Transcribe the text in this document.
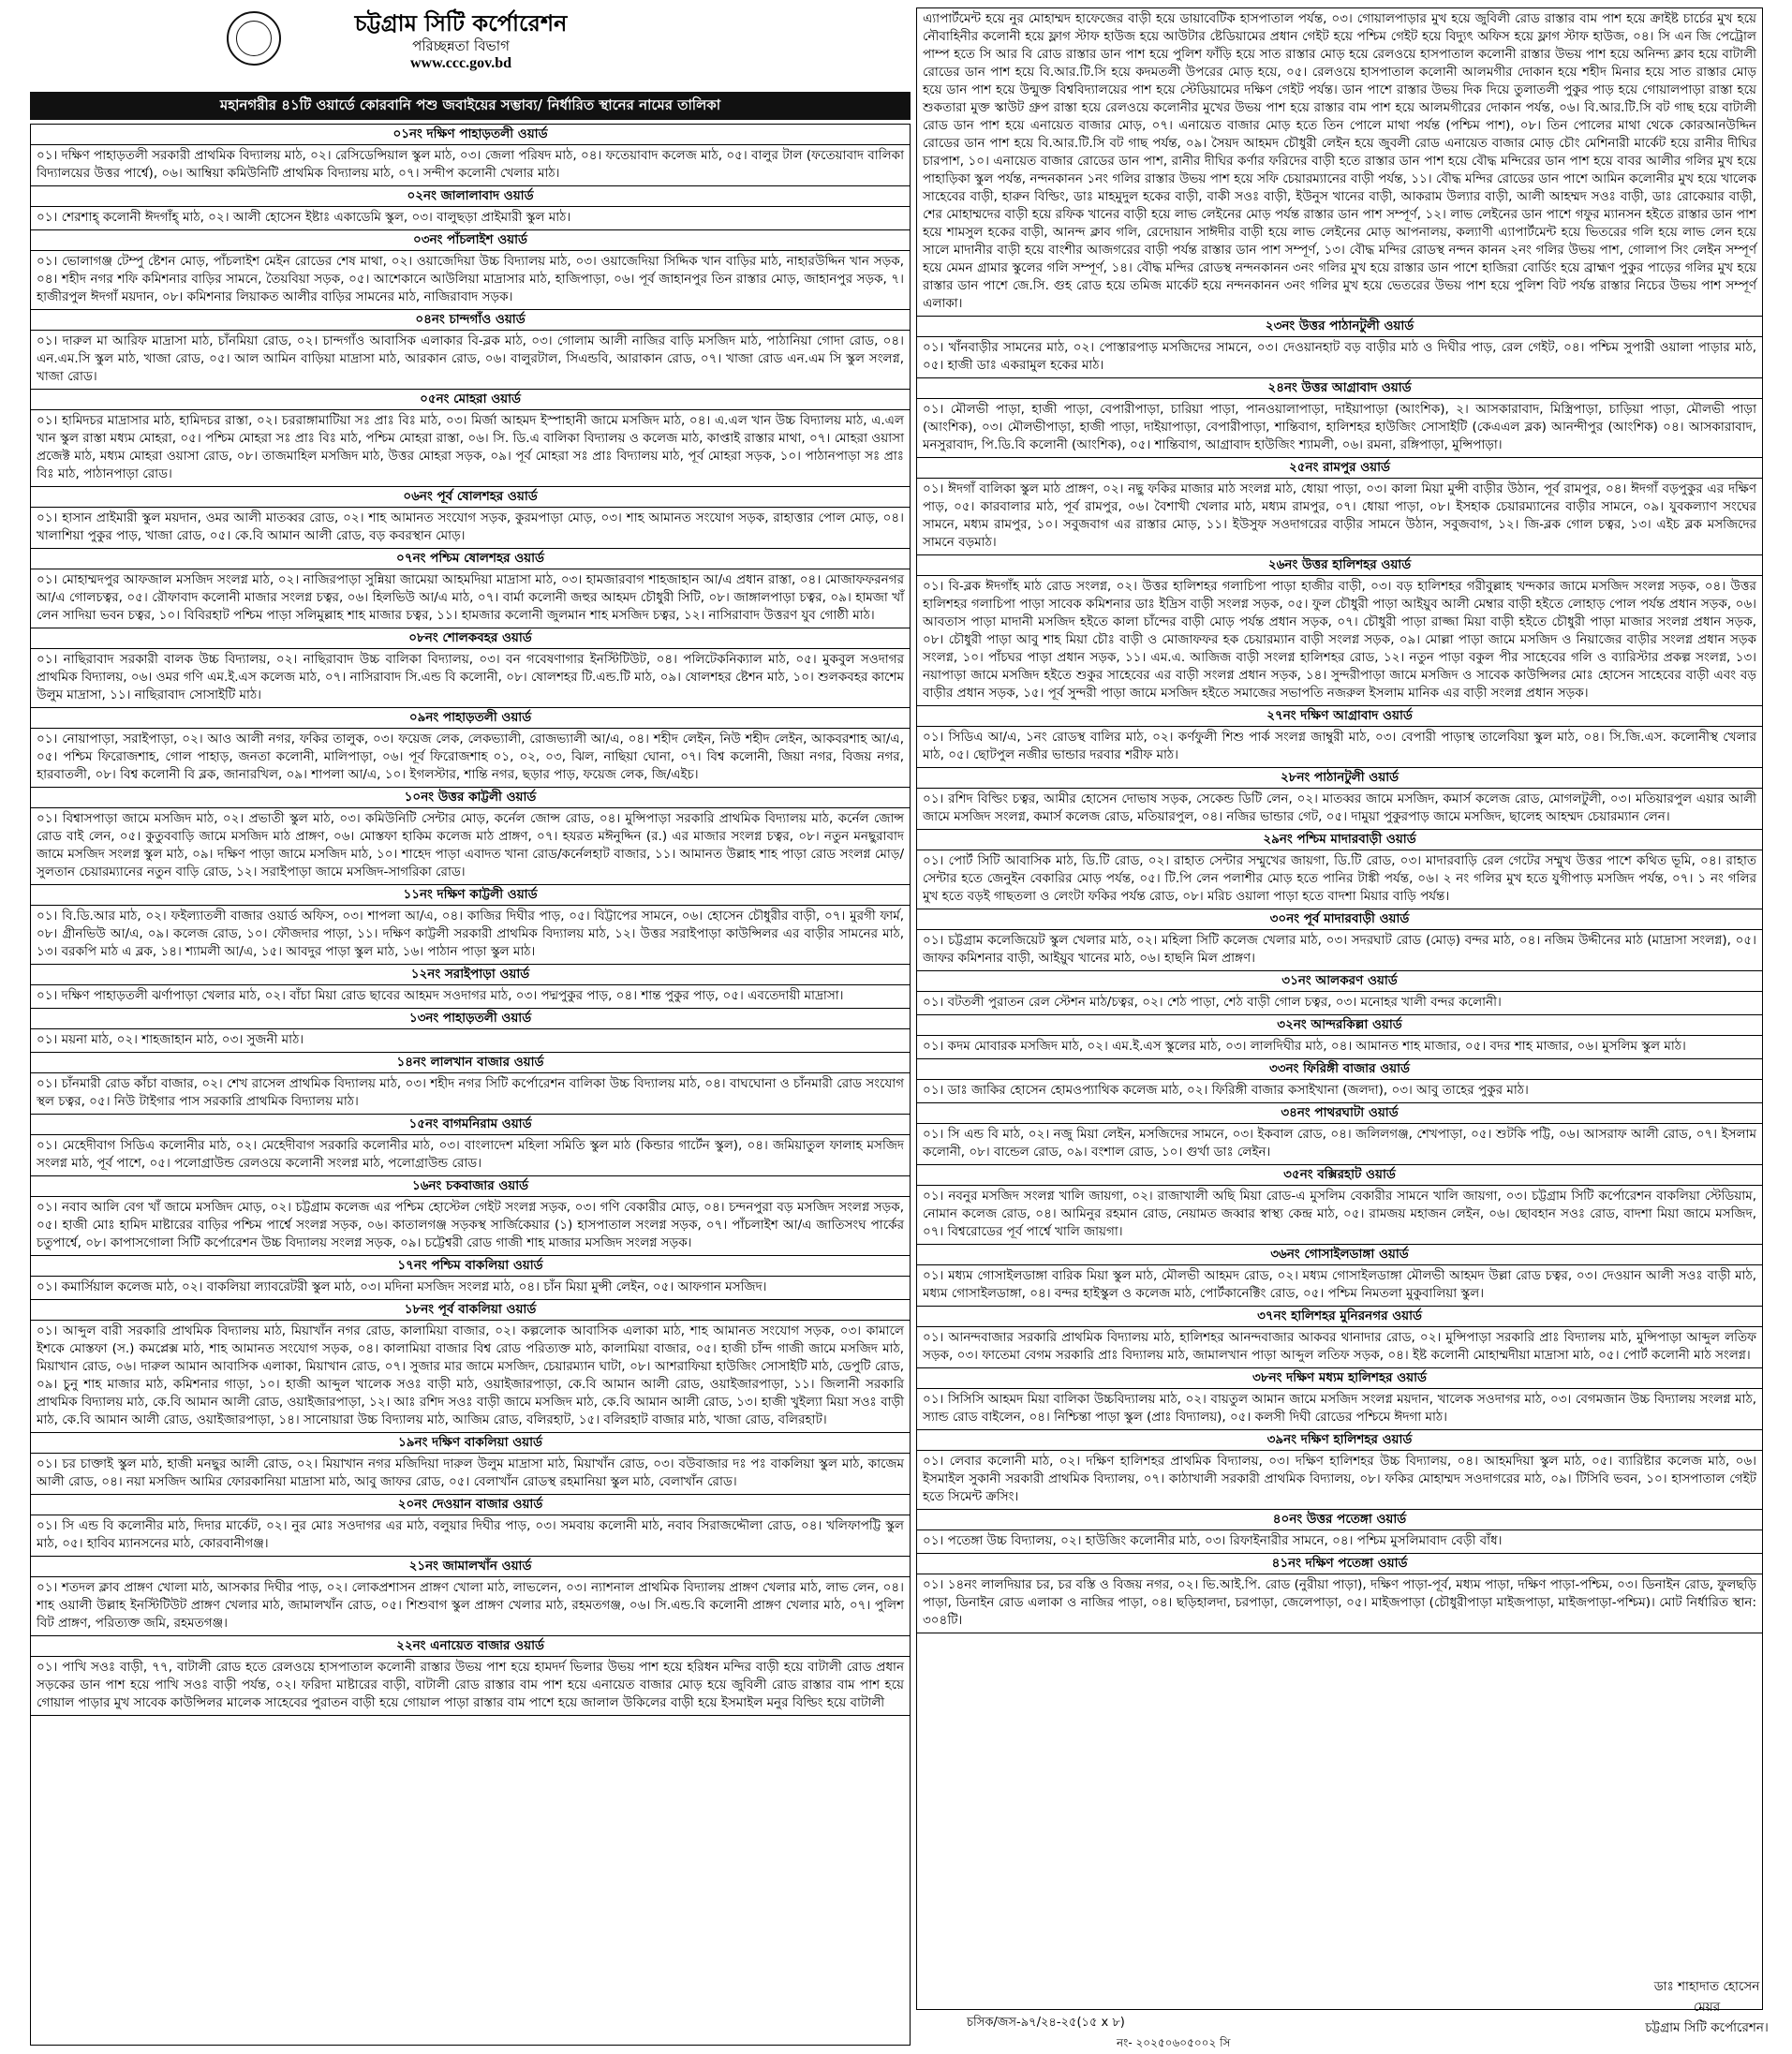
চট্টগ্রাম সিটি কর্পোরেশন
পরিচ্ছন্নতা বিভাগ
www.ccc.gov.bd
মহানগরীর ৪১টি ওয়ার্ডে কোরবানি পশু জবাইয়ের সম্ভাব্য/ নির্ধারিত স্থানের নামের তালিকা
০১নং দক্ষিণ পাহাড়তলী ওয়ার্ড
০১। দক্ষিণ পাহাড়তলী সরকারী প্রাথমিক বিদ্যালয় মাঠ, ০২। রেসিডেন্সিয়াল স্কুল মাঠ, ০৩। জেলা পরিষদ মাঠ, ০৪। ফতেয়াবাদ কলেজ মাঠ, ০৫। বালুর টাল (ফতেয়াবাদ বালিকা বিদ্যালয়ের উত্তর পার্শ্বে), ০৬। আম্বিয়া কমিউনিটি প্রাথমিক বিদ্যালয় মাঠ, ০৭। সন্দীপ কলোনী খেলার মাঠ।
০২নং জালালাবাদ ওয়ার্ড
০১। শেরশাহ্ কলোনী ঈদগাঁহ্ মাঠ, ০২। আলী হোসেন ইষ্টাঃ একাডেমি স্কুল, ০৩। বালুছড়া প্রাইমারী স্কুল মাঠ।
০৩নং পাঁচলাইশ ওয়ার্ড
০১। ভোলাগঞ্জ টেম্পু ষ্টেশন মোড়, পাঁচলাইশ মেইন রোডের শেষ মাথা, ০২। ওয়াজেদিয়া উচ্চ বিদ্যালয় মাঠ, ০৩। ওয়াজেদিয়া সিদ্দিক খান বাড়ির মাঠ, নাহারউদ্দিন খান সড়ক, ০৪। শহীদ নগর শফি কমিশনার বাড়ির সামনে, তৈয়বিয়া সড়ক, ০৫। আশেকানে আউলিয়া মাদ্রাসার মাঠ, হাজিপাড়া, ০৬। পূর্ব জাহানপুর তিন রাস্তার মোড়, জাহানপুর সড়ক, ৭। হাজীরপুল ঈদগাঁ ময়দান, ০৮। কমিশনার লিয়াকত আলীর বাড়ির সামনের মাঠ, নাজিরাবাদ সড়ক।
০৪নং চান্দগাঁও ওয়ার্ড
০১। দারুল মা আরিফ মাদ্রাসা মাঠ, চাঁনমিয়া রোড, ০২। চান্দগাঁও আবাসিক এলাকার বি-ব্লক মাঠ, ০৩। গোলাম আলী নাজির বাড়ি মসজিদ মাঠ, পাঠানিয়া গোদা রোড, ০৪। এন.এম.সি স্কুল মাঠ, খাজা রোড, ০৫। আল আমিন বাড়িয়া মাদ্রাসা মাঠ, আরকান রোড, ০৬। বালুরটাল, সিএন্ডবি, আরাকান রোড, ০৭। খাজা রোড এন.এম সি স্কুল সংলগ্ন, খাজা রোড।
০৫নং মোহরা ওয়ার্ড
০১। হামিদচর মাদ্রাসার মাঠ, হামিদচর রাস্তা, ০২। চররাঙ্গামাটিয়া সঃ প্রাঃ বিঃ মাঠ, ০৩। মির্জা আহমদ ইস্পাহানী জামে মসজিদ মাঠ, ০৪। এ.এল খান উচ্চ বিদ্যালয় মাঠ, এ.এল খান স্কুল রাস্তা মধ্যম মোহরা, ০৫। পশ্চিম মোহরা সঃ প্রাঃ বিঃ মাঠ, পশ্চিম মোহরা রাস্তা, ০৬। সি. ডি.এ বালিকা বিদ্যালয় ও কলেজ মাঠ, কাপ্তাই রাস্তার মাথা, ০৭। মোহরা ওয়াসা প্রজেক্ট মাঠ, মধ্যম মোহরা ওয়াসা রোড, ০৮। তাজমাহিল মসজিদ মাঠ, উত্তর মোহরা সড়ক, ০৯। পূর্ব মোহরা সঃ প্রাঃ বিদ্যালয় মাঠ, পূর্ব মোহরা সড়ক, ১০। পাঠানপাড়া সঃ প্রাঃ বিঃ মাঠ, পাঠানপাড়া রোড।
০৬নং পূর্ব ষোলশহর ওয়ার্ড
০১। হাসান প্রাইমারী স্কুল ময়দান, ওমর আলী মাতব্বর রোড, ০২। শাহ আমানত সংযোগ সড়ক, কুরমপাড়া মোড়, ০৩। শাহ আমানত সংযোগ সড়ক, রাহাত্তার পোল মোড়, ০৪। খালাশিয়া পুকুর পাড়, খাজা রোড, ০৫। কে.বি আমান আলী রোড, বড় কবরস্থান মোড়।
০৭নং পশ্চিম ষোলশহর ওয়ার্ড
০১। মোহাম্মদপুর আফজাল মসজিদ সংলগ্ন মাঠ, ০২। নাজিরপাড়া সুন্নিয়া জামেয়া আহমদিয়া মাদ্রাসা মাঠ, ০৩। হামজারবাগ শাহজাহান আ/এ প্রধান রাস্তা, ০৪। মোজাফফরনগর আ/এ গোলচত্বর, ০৫। রৌফাবাদ কলোনী মাজার সংলগ্ন চত্বর, ০৬। হিলভিউ আ/এ মাঠ, ০৭। বার্মা কলোনী জহুর আহমদ চৌধুরী সিটি, ০৮। জাঙ্গালপাড়া চত্বর, ০৯। হামজা খাঁ লেন সাদিয়া ভবন চত্বর, ১০। বিবিরহাট পশ্চিম পাড়া সলিমুল্লাহ শাহ মাজার চত্বর, ১১। হামজার কলোনী জুলমান শাহ মসজিদ চত্বর, ১২। নাসিরাবাদ উত্তরণ যুব গোষ্ঠী মাঠ।
০৮নং শোলকবহর ওয়ার্ড
০১। নাছিরাবাদ সরকারী বালক উচ্চ বিদ্যালয়, ০২। নাছিরাবাদ উচ্চ বালিকা বিদ্যালয়, ০৩। বন গবেষণাগার ইনস্টিটিউট, ০৪। পলিটেকনিক্যাল মাঠ, ০৫। মুকবুল সওদাগর প্রাথমিক বিদ্যালয়, ০৬। ওমর গণি এম.ই.এস কলেজ মাঠ, ০৭। নাসিরাবাদ সি.এন্ড বি কলোনী, ০৮। ষোলশহর টি.এন্ড.টি মাঠ, ০৯। ষোলশহর ষ্টেশন মাঠ, ১০। শুলকবহর কাশেম উলুম মাদ্রাসা, ১১। নাছিরাবাদ সোসাইটি মাঠ।
০৯নং পাহাড়তলী ওয়ার্ড
০১। নোয়াপাড়া, সরাইপাড়া, ০২। আও আলী নগর, ফকির তালুক, ০৩। ফয়েজ লেক, লেকভ্যালী, রোজভ্যালী আ/এ, ০৪। শহীদ লেইন, নিউ শহীদ লেইন, আকবরশাহ আ/এ, ০৫। পশ্চিম ফিরোজশাহ, গোল পাহাড়, জনতা কলোনী, মালিপাড়া, ০৬। পূর্ব ফিরোজশাহ ০১, ০২, ০৩, ঝিল, নাছিয়া ঘোনা, ০৭। বিশ্ব কলোনী, জিয়া নগর, বিজয় নগর, হারবাতলী, ০৮। বিশ্ব কলোনী বি ব্লক, জানারখিল, ০৯। শাপলা আ/এ, ১০। ইগলস্টার, শান্তি নগর, ছড়ার পাড়, ফয়েজ লেক, জি/এইচ।
১০নং উত্তর কাট্টলী ওয়ার্ড
০১। বিশ্বাসপাড়া জামে মসজিদ মাঠ, ০২। প্রভাতী স্কুল মাঠ, ০৩। কমিউনিটি সেন্টার মোড়, কর্নেল জোন্স রোড, ০৪। মুন্সিপাড়া সরকারি প্রাথমিক বিদ্যালয় মাঠ, কর্নেল জোন্স রোড বাই লেন, ০৫। কুতুববাড়ি জামে মসজিদ মাঠ প্রাঙ্গণ, ০৬। মোস্তফা হাকিম কলেজ মাঠ প্রাঙ্গণ, ০৭। হযরত মঈনুদ্দিন (র.) এর মাজার সংলগ্ন চত্বর, ০৮। নতুন মনছুরাবাদ জামে মসজিদ সংলগ্ন স্কুল মাঠ, ০৯। দক্ষিণ পাড়া জামে মসজিদ মাঠ, ১০। শাহেদ পাড়া এবাদত খানা রোড/কর্নেলহাট বাজার, ১১। আমানত উল্লাহ শাহ পাড়া রোড সংলগ্ন মোড়/সুলতান চেয়ারম্যানের নতুন বাড়ি রোড, ১২। সরাইপাড়া জামে মসজিদ-সাগরিকা রোড।
১১নং দক্ষিণ কাট্টলী ওয়ার্ড
০১। বি.ডি.আর মাঠ, ০২। ফইল্যাতলী বাজার ওয়ার্ড অফিস, ০৩। শাপলা আ/এ, ০৪। কাজির দিঘীর পাড়, ০৫। বিট্টাপের সামনে, ০৬। হোসেন চৌধুরীর বাড়ী, ০৭। মুরগী ফার্ম, ০৮। গ্রীনভিউ আ/এ, ০৯। কলেজ রোড, ১০। ফৌজদার পাড়া, ১১। দক্ষিণ কাট্টলী সরকারী প্রাথমিক বিদ্যালয় মাঠ, ১২। উত্তর সরাইপাড়া কাউন্সিলর এর বাড়ীর সামনের মাঠ, ১৩। বরকপি মাঠ এ ব্লক, ১৪। শ্যামলী আ/এ, ১৫। আবদুর পাড়া স্কুল মাঠ, ১৬। পাঠান পাড়া স্কুল মাঠ।
১২নং সরাইপাড়া ওয়ার্ড
০১। দক্ষিণ পাহাড়তলী ঝর্ণাপাড়া খেলার মাঠ, ০২। বাঁচা মিয়া রোড ছাবের আহমদ সওদাগর মাঠ, ০৩। পদ্মপুকুর পাড়, ০৪। শান্ত পুকুর পাড়, ০৫। এবতেদায়ী মাদ্রাসা।
১৩নং পাহাড়তলী ওয়ার্ড
০১। ময়না মাঠ, ০২। শাহজাহান মাঠ, ০৩। সুজনী মাঠ।
১৪নং লালখান বাজার ওয়ার্ড
০১। চাঁনমারী রোড কাঁচা বাজার, ০২। শেখ রাসেল প্রাথমিক বিদ্যালয় মাঠ, ০৩। শহীদ নগর সিটি কর্পোরেশন বালিকা উচ্চ বিদ্যালয় মাঠ, ০৪। বাঘঘোনা ও চাঁনমারী রোড সংযোগ স্থল চত্বর, ০৫। নিউ টাইগার পাস সরকারি প্রাথমিক বিদ্যালয় মাঠ।
১৫নং বাগমনিরাম ওয়ার্ড
০১। মেহেদীবাগ সিডিএ কলোনীর মাঠ, ০২। মেহেদীবাগ সরকারি কলোনীর মাঠ, ০৩। বাংলাদেশ মহিলা সমিতি স্কুল মাঠ (কিন্ডার গার্টেন স্কুল), ০৪। জমিয়াতুল ফালাহ মসজিদ সংলগ্ন মাঠ, পূর্ব পাশে, ০৫। পলোগ্রাউন্ড রেলওয়ে কলোনী সংলগ্ন মাঠ, পলোগ্রাউন্ড রোড।
১৬নং চকবাজার ওয়ার্ড
০১। নবাব আলি বেগ খাঁ জামে মসজিদ মোড়, ০২। চট্টগ্রাম কলেজ এর পশ্চিম হোস্টেল গেইট সংলগ্ন সড়ক, ০৩। গণি বেকারীর মোড়, ০৪। চন্দনপুরা বড় মসজিদ সংলগ্ন সড়ক, ০৫। হাজী মোঃ হামিদ মাষ্টারের বাড়ির পশ্চিম পার্শ্বে সংলগ্ন সড়ক, ০৬। কাতালগঞ্জ সড়কস্থ সার্জিকেয়ার (১) হাসপাতাল সংলগ্ন সড়ক, ০৭। পাঁচলাইশ আ/এ জাতিসংঘ পার্কের চতুপার্শ্বে, ০৮। কাপাসগোলা সিটি কর্পোরেশন উচ্চ বিদ্যালয় সংলগ্ন সড়ক, ০৯। চট্টেশ্বরী রোড গাজী শাহ মাজার মসজিদ সংলগ্ন সড়ক।
১৭নং পশ্চিম বাকলিয়া ওয়ার্ড
০১। কমার্সিয়াল কলেজ মাঠ, ০২। বাকলিয়া ল্যাবরেটরী স্কুল মাঠ, ০৩। মদিনা মসজিদ সংলগ্ন মাঠ, ০৪। চাঁন মিয়া মুন্সী লেইন, ০৫। আফগান মসজিদ।
১৮নং পূর্ব বাকলিয়া ওয়ার্ড
০১। আব্দুল বারী সরকারি প্রাথমিক বিদ্যালয় মাঠ, মিয়াখাঁন নগর রোড, কালামিয়া বাজার, ০২। কল্পলোক আবাসিক এলাকা মাঠ, শাহ আমানত সংযোগ সড়ক, ০৩। কামালে ইশকে মোস্তফা (স.) কমপ্লেক্স মাঠ, শাহ আমানত সংযোগ সড়ক, ০৪। কালামিয়া বাজার বিশ্ব রোড পরিত্যক্ত মাঠ, কালামিয়া বাজার, ০৫। হাজী চাঁন্দ গাজী জামে মসজিদ মাঠ, মিয়াখান রোড, ০৬। দারুল আমান আবাসিক এলাকা, মিয়াখান রোড, ০৭। সুজার মার জামে মসজিদ, চেয়ারম্যান ঘাটা, ০৮। আশরাফিয়া হাউজিং সোসাইটি মাঠ, ডেপুটি রোড, ০৯। চুনু শাহ মাজার মাঠ, কমিশনার গাড়া, ১০। হাজী আব্দুল খালেক সওঃ বাড়ী মাঠ, ওয়াইজারপাড়া, কে.বি আমান আলী রোড, ওয়াইজারপাড়া, ১১। জিলানী সরকারি প্রাথমিক বিদ্যালয় মাঠ, কে.বি আমান আলী রোড, ওয়াইজারপাড়া, ১২। আঃ রশিদ সওঃ বাড়ী জামে মসজিদ মাঠ, কে.বি আমান আলী রোড, ১৩। হাজী খুইল্যা মিয়া সওঃ বাড়ী মাঠ, কে.বি আমান আলী রোড, ওয়াইজারপাড়া, ১৪। সানোয়ারা উচ্চ বিদ্যালয় মাঠ, আজিম রোড, বলিরহাট, ১৫। বলিরহাট বাজার মাঠ, খাজা রোড, বলিরহাট।
১৯নং দক্ষিণ বাকলিয়া ওয়ার্ড
০১। চর চাক্তাই স্কুল মাঠ, হাজী মনছুর আলী রোড, ০২। মিয়াখান নগর মজিদিয়া দারুল উলুম মাদ্রাসা মাঠ, মিয়াখাঁন রোড, ০৩। বউবাজার দঃ পঃ বাকলিয়া স্কুল মাঠ, কাজেম আলী রোড, ০৪। নয়া মসজিদ আমির ফোরকানিয়া মাদ্রাসা মাঠ, আবু জাফর রোড, ০৫। বেলাখাঁন রোডস্থ রহমানিয়া স্কুল মাঠ, বেলাখাঁন রোড।
২০নং দেওয়ান বাজার ওয়ার্ড
০১। সি এন্ড বি কলোনীর মাঠ, দিদার মার্কেট, ০২। নুর মোঃ সওদাগর এর মাঠ, বলুয়ার দিঘীর পাড়, ০৩। সমবায় কলোনী মাঠ, নবাব সিরাজদ্দৌলা রোড, ০৪। খলিফাপট্টি স্কুল মাঠ, ০৫। হাবিব ম্যানসনের মাঠ, কোরবানীগঞ্জ।
২১নং জামালখাঁন ওয়ার্ড
০১। শতদল ক্লাব প্রাঙ্গণ খোলা মাঠ, আসকার দিঘীর পাড়, ০২। লোকপ্রশাসন প্রাঙ্গণ খোলা মাঠ, লাভলেন, ০৩। ন্যাশনাল প্রাথমিক বিদ্যালয় প্রাঙ্গণ খেলার মাঠ, লাভ লেন, ০৪। শাহ ওয়ালী উল্লাহ ইনস্টিটিউট প্রাঙ্গণ খেলার মাঠ, জামালখাঁন রোড, ০৫। শিশুবাগ স্কুল প্রাঙ্গণ খেলার মাঠ, রহমতগঞ্জ, ০৬। সি.এন্ড.বি কলোনী প্রাঙ্গণ খেলার মাঠ, ০৭। পুলিশ বিট প্রাঙ্গণ, পরিত্যক্ত জমি, রহমতগঞ্জ।
২২নং এনায়েত বাজার ওয়ার্ড
০১। পাখি সওঃ বাড়ী, ৭৭, বাটালী রোড হতে রেলওয়ে হাসপাতাল কলোনী রাস্তার উভয় পাশ হয়ে হামদর্দ ভিলার উভয় পাশ হয়ে হরিধন মন্দির বাড়ী হয়ে বাটালী রোড প্রধান সড়কের ডান পাশ হয়ে পাখি সওঃ বাড়ী পর্যন্ত, ০২। ফরিদা মাষ্টারের বাড়ী, বাটালী রোড রাস্তার বাম পাশ হয়ে এনায়েত বাজার মোড় হয়ে জুবিলী রোড রাস্তার বাম পাশ হয়ে গোয়াল পাড়ার মুখ সাবেক কাউন্সিলর মালেক সাহেবের পুরাতন বাড়ী হয়ে গোয়াল পাড়া রাস্তার বাম পাশে হয়ে জালাল উকিলের বাড়ী হয়ে ইসমাইল মনুর বিল্ডিং হয়ে বাটালী
এ্যাপার্টমেন্ট হয়ে নুর মোহাম্মদ হাফেজের বাড়ী হয়ে ডায়াবেটিক হাসপাতাল পর্যন্ত, ০৩। গোয়ালপাড়ার মুখ হয়ে জুবিলী রোড রাস্তার বাম পাশ হয়ে ক্রাইষ্ট চার্চের মুখ হয়ে নৌবাহিনীর কলোনী হয়ে ফ্লাগ স্টাফ হাউজ হয়ে আউটার ষ্টেডিয়ামের প্রধান গেইট হয়ে পশ্চিম গেইট হয়ে বিদ্যুৎ অফিস হয়ে ফ্লাগ স্টাফ হাউজ, ০৪। সি এন জি পেট্রোল পাম্প হতে সি আর বি রোড রাস্তার ডান পাশ হয়ে পুলিশ ফাঁড়ি হয়ে সাত রাস্তার মোড় হয়ে রেলওয়ে হাসপাতাল কলোনী রাস্তার উভয় পাশ হয়ে অনিন্দ্য ক্লাব হয়ে বাটালী রোডের ডান পাশ হয়ে বি.আর.টি.সি হয়ে কদমতলী উপরের মোড় হয়ে, ০৫। রেলওয়ে হাসপাতাল কলোনী আলমগীর দোকান হয়ে শহীদ মিনার হয়ে সাত রাস্তার মোড় হয়ে ডান পাশ হয়ে উন্মুক্ত বিশ্ববিদ্যালয়ের পাশ হয়ে স্টেডিয়ামের দক্ষিণ গেইট পর্যন্ত। ডান পাশে রাস্তার উভয় দিক দিয়ে তুলাতলী পুকুর পাড় হয়ে গোয়ালপাড়া রাস্তা হয়ে শুকতারা মুক্ত স্কাউট গ্রুপ রাস্তা হয়ে রেলওয়ে কলোনীর মুখের উভয় পাশ হয়ে রাস্তার বাম পাশ হয়ে আলমগীরের দোকান পর্যন্ত, ০৬। বি.আর.টি.সি বট গাছ হয়ে বাটালী রোড ডান পাশ হয়ে এনায়েত বাজার মোড়, ০৭। এনায়েত বাজার মোড় হতে তিন পোলে মাথা পর্যন্ত (পশ্চিম পাশ), ০৮। তিন পোলের মাথা থেকে কোরআনউদ্দিন রোডের ডান পাশ হয়ে বি.আর.টি.সি বট গাছ পর্যন্ত, ০৯। সৈয়দ আহমদ চৌধুরী লেইন হয়ে জুবলী রোড এনায়েত বাজার মোড় চৌং মেশিনারী মার্কেট হয়ে রানীর দীঘির চারপাশ, ১০। এনায়েত বাজার রোডের ডান পাশ, রানীর দীঘির কর্ণার ফরিদের বাড়ী হতে রাস্তার ডান পাশ হয়ে বৌদ্ধ মন্দিরের ডান পাশ হয়ে বাবর আলীর গলির মুখ হয়ে পাহাড়িকা স্কুল পর্যন্ত, নন্দনকানন ১নং গলির রাস্তার উভয় পাশ হয়ে সফি চেয়ারম্যানের বাড়ী পর্যন্ত, ১১। বৌদ্ধ মন্দির রোডের ডান পাশে আমিন কলোনীর মুখ হয়ে খালেক সাহেবের বাড়ী, হারুন বিল্ডিং, ডাঃ মাহমুদুল হকের বাড়ী, বাকী সওঃ বাড়ী, ইউনুস খানের বাড়ী, আকরাম উল্যার বাড়ী, আলী আহম্মদ সওঃ বাড়ী, ডাঃ রোকেয়ার বাড়ী, শের মোহাম্মদের বাড়ী হয়ে রফিক খানের বাড়ী হয়ে লাভ লেইনের মোড় পর্যন্ত রাস্তার ডান পাশ সম্পূর্ণ, ১২। লাভ লেইনের ডান পাশে গফুর ম্যানসন হইতে রাস্তার ডান পাশ হয়ে শামসুল হকের বাড়ী, আনন্দ ক্লাব গলি, রেদোয়ান সাঈদীর বাড়ী হয়ে লাভ লেইনের মোড় আপনালয়, কল্যাণী এ্যাপার্টমেন্ট হয়ে ভিতরের গলি হয়ে লাভ লেন হয়ে সালে মাদানীর বাড়ী হয়ে বাংশীর আজগরের বাড়ী পর্যন্ত রাস্তার ডান পাশ সম্পূর্ণ, ১৩। বৌদ্ধ মন্দির রোডস্থ নন্দন কানন ২নং গলির উভয় পাশ, গোলাপ সিং লেইন সম্পূর্ণ হয়ে মেমন গ্রামার স্কুলের গলি সম্পূর্ণ, ১৪। বৌদ্ধ মন্দির রোডস্থ নন্দনকানন ৩নং গলির মুখ হয়ে রাস্তার ডান পাশে হাজিরা বোর্ডিং হয়ে ব্রাহ্মণ পুকুর পাড়ের গলির মুখ হয়ে রাস্তার ডান পাশে জে.সি. গুহ রোড হয়ে তমিজ মার্কেট হয়ে নন্দনকানন ৩নং গলির মুখ হয়ে ভেতরের উভয় পাশ হয়ে পুলিশ বিট পর্যন্ত রাস্তার নিচের উভয় পাশ সম্পূর্ণ এলাকা।
২৩নং উত্তর পাঠানটুলী ওয়ার্ড
০১। খাঁনবাড়ীর সামনের মাঠ, ০২। পোস্তারপাড় মসজিদের সামনে, ০৩। দেওয়ানহাট বড় বাড়ীর মাঠ ও দিঘীর পাড়, রেল গেইট, ০৪। পশ্চিম সুপারী ওয়ালা পাড়ার মাঠ, ০৫। হাজী ডাঃ একরামুল হকের মাঠ।
২৪নং উত্তর আগ্রাবাদ ওয়ার্ড
০১। মৌলভী পাড়া, হাজী পাড়া, বেপারীপাড়া, চারিয়া পাড়া, পানওয়ালাপাড়া, দাইয়াপাড়া (আংশিক), ২। আসকারাবাদ, মিস্ত্রিপাড়া, চাড়িয়া পাড়া, মৌলভী পাড়া (আংশিক), ০৩। মৌলভীপাড়া, হাজী পাড়া, দাইয়াপাড়া, বেপারীপাড়া, শান্তিবাগ, হালিশহর হাউজিং সোসাইটি (কেএএল ব্লক) আনন্দীপুর (আংশিক) ০৪। আসকারাবাদ, মনসুরাবাদ, পি.ডি.বি কলোনী (আংশিক), ০৫। শান্তিবাগ, আগ্রাবাদ হাউজিং শ্যামলী, ০৬। রমনা, রঙ্গিপাড়া, মুন্সিপাড়া।
২৫নং রামপুর ওয়ার্ড
০১। ঈদগাঁ বালিকা স্কুল মাঠ প্রাঙ্গণ, ০২। নছু ফকির মাজার মাঠ সংলগ্ন মাঠ, ধোয়া পাড়া, ০৩। কালা মিয়া মুন্সী বাড়ীর উঠান, পূর্ব রামপুর, ০৪। ঈদগাঁ বড়পুকুর এর দক্ষিণ পাড়, ০৫। কারবালার মাঠ, পূর্ব রামপুর, ০৬। বৈশাখী খেলার মাঠ, মধ্যম রামপুর, ০৭। ধোয়া পাড়া, ০৮। ইসহাক চেয়ারম্যানের বাড়ীর সামনে, ০৯। যুবকল্যাণ সংঘের সামনে, মধ্যম রামপুর, ১০। সবুজবাগ এর রাস্তার মোড়, ১১। ইউসুফ সওদাগরের বাড়ীর সামনে উঠান, সবুজবাগ, ১২। জি-ব্লক গোল চত্বর, ১৩। এইচ ব্লক মসজিদের সামনে বড়মাঠ।
২৬নং উত্তর হালিশহর ওয়ার্ড
০১। বি-ব্লক ঈদগাঁহ মাঠ রোড সংলগ্ন, ০২। উত্তর হালিশহর গলাচিপা পাড়া হাজীর বাড়ী, ০৩। বড় হালিশহর গরীবুল্লাহ খন্দকার জামে মসজিদ সংলগ্ন সড়ক, ০৪। উত্তর হালিশহর গলাচিপা পাড়া সাবেক কমিশনার ডাঃ ইদ্রিস বাড়ী সংলগ্ন সড়ক, ০৫। ফুল চৌধুরী পাড়া আইয়ুব আলী মেম্বার বাড়ী হইতে লোহাড় পোল পর্যন্ত প্রধান সড়ক, ০৬। আবতাস পাড়া মাদানী মসজিদ হইতে কালা চাঁন্দের বাড়ী মোড় পর্যন্ত প্রধান সড়ক, ০৭। চৌধুরী পাড়া রাজ্জা মিয়া বাড়ী হইতে চৌধুরী পাড়া মাজার সংলগ্ন প্রধান সড়ক, ০৮। চৌধুরী পাড়া আবু শাহ মিয়া চৌঃ বাড়ী ও মোজাফফর হক চেয়ারম্যান বাড়ী সংলগ্ন সড়ক, ০৯। মোল্লা পাড়া জামে মসজিদ ও নিয়াজের বাড়ীর সংলগ্ন প্রধান সড়ক সংলগ্ন, ১০। পাঁচঘর পাড়া প্রধান সড়ক, ১১। এম.এ. আজিজ বাড়ী সংলগ্ন হালিশহর রোড, ১২। নতুন পাড়া বকুল পীর সাহেবের গলি ও ব্যারিস্টার প্রকল্প সংলগ্ন, ১৩। নয়াপাড়া জামে মসজিদ হইতে শুকুর সাহেবের এর বাড়ী সংলগ্ন প্রধান সড়ক, ১৪। সুন্দরীপাড়া জামে মসজিদ ও সাবেক কাউন্সিলর মোঃ হোসেন সাহেবের বাড়ী এবং বড় বাড়ীর প্রধান সড়ক, ১৫। পূর্ব সুন্দরী পাড়া জামে মসজিদ হইতে সমাজের সভাপতি নজরুল ইসলাম মানিক এর বাড়ী সংলগ্ন প্রধান সড়ক।
২৭নং দক্ষিণ আগ্রাবাদ ওয়ার্ড
০১। সিডিএ আ/এ, ১নং রোডস্থ বালির মাঠ, ০২। কর্ণফুলী শিশু পার্ক সংলগ্ন জাম্বুরী মাঠ, ০৩। বেপারী পাড়াস্থ তালেবিয়া স্কুল মাঠ, ০৪। সি.জি.এস. কলোনীস্থ খেলার মাঠ, ০৫। ছোটপুল নজীর ভান্ডার দরবার শরীফ মাঠ।
২৮নং পাঠানটুলী ওয়ার্ড
০১। রশিদ বিল্ডিং চত্বর, আমীর হোসেন দোভাষ সড়ক, সেকেন্ড ডিটি লেন, ০২। মাতব্বর জামে মসজিদ, কমার্স কলেজ রোড, মোগলটুলী, ০৩। মতিয়ারপুল এয়ার আলী জামে মসজিদ সংলগ্ন, কমার্স কলেজ রোড, মতিয়ারপুল, ০৪। নজির ভান্ডার গেট, ০৫। দামুয়া পুকুরপাড় জামে মসজিদ, ছালেহ আহম্মদ চেয়ারম্যান লেন।
২৯নং পশ্চিম মাদারবাড়ী ওয়ার্ড
০১। পোর্ট সিটি আবাসিক মাঠ, ডি.টি রোড, ০২। রাহাত সেন্টার সম্মুখের জায়গা, ডি.টি রোড, ০৩। মাদারবাড়ি রেল গেটের সম্মুখ উত্তর পাশে কথিত ভূমি, ০৪। রাহাত সেন্টার হতে জেনুইন বেকারির মোড় পর্যন্ত, ০৫। টি.পি লেন পলাশীর মোড় হতে পানির টাঙ্কী পর্যন্ত, ০৬। ২ নং গলির মুখ হতে যুগীপাড় মসজিদ পর্যন্ত, ০৭। ১ নং গলির মুখ হতে বড়ই গাছতলা ও লেংটা ফকির পর্যন্ত রোড, ০৮। মরিচ ওয়ালা পাড়া হতে বাদশা মিয়ার বাড়ি পর্যন্ত।
৩০নং পূর্ব মাদারবাড়ী ওয়ার্ড
০১। চট্টগ্রাম কলেজিয়েট স্কুল খেলার মাঠ, ০২। মহিলা সিটি কলেজ খেলার মাঠ, ০৩। সদরঘাট রোড (মোড়) বন্দর মাঠ, ০৪। নজিম উদ্দীনের মাঠ (মাদ্রাসা সংলগ্ন), ০৫। জাফর কমিশনার বাড়ী, আইয়ুব খানের মাঠ, ০৬। হাছনি মিল প্রাঙ্গণ।
৩১নং আলকরণ ওয়ার্ড
০১। বটতলী পুরাতন রেল স্টেশন মাঠ/চত্বর, ০২। শেঠ পাড়া, শেঠ বাড়ী গোল চত্বর, ০৩। মনোহর খালী বন্দর কলোনী।
৩২নং আন্দরকিল্লা ওয়ার্ড
০১। কদম মোবারক মসজিদ মাঠ, ০২। এম.ই.এস স্কুলের মাঠ, ০৩। লালদিঘীর মাঠ, ০৪। আমানত শাহ মাজার, ০৫। বদর শাহ মাজার, ০৬। মুসলিম স্কুল মাঠ।
৩৩নং ফিরিঙ্গী বাজার ওয়ার্ড
০১। ডাঃ জাকির হোসেন হোমওপ্যাথিক কলেজ মাঠ, ০২। ফিরিঙ্গী বাজার কসাইখানা (জলদা), ০৩। আবু তাহের পুকুর মাঠ।
৩৪নং পাথরঘাটা ওয়ার্ড
০১। সি এন্ড বি মাঠ, ০২। নজু মিয়া লেইন, মসজিদের সামনে, ০৩। ইকবাল রোড, ০৪। জলিলগঞ্জ, শেখপাড়া, ০৫। শুটকি পট্টি, ০৬। আসরাফ আলী রোড, ০৭। ইসলাম কলোনী, ০৮। বান্ডেল রোড, ০৯। বংশাল রোড, ১০। গুর্খা ডাঃ লেইন।
৩৫নং বক্সিরহাট ওয়ার্ড
০১। নবনুর মসজিদ সংলগ্ন খালি জায়গা, ০২। রাজাখালী অছি মিয়া রোড-এ মুসলিম বেকারীর সামনে খালি জায়গা, ০৩। চট্টগ্রাম সিটি কর্পোরেশন বাকলিয়া স্টেডিয়াম, নোমান কলেজ রোড, ০৪। আমিনুর রহমান রোড, নেয়ামত জব্বার স্বাস্থ্য কেন্দ্র মাঠ, ০৫। রামজয় মহাজন লেইন, ০৬। ছোবহান সওঃ রোড, বাদশা মিয়া জামে মসজিদ, ০৭। বিশ্বরোডের পূর্ব পার্শ্বে খালি জায়গা।
৩৬নং গোসাইলডাঙ্গা ওয়ার্ড
০১। মধ্যম গোসাইলডাঙ্গা বারিক মিয়া স্কুল মাঠ, মৌলভী আহমদ রোড, ০২। মধ্যম গোসাইলডাঙ্গা মৌলভী আহমদ উল্লা রোড চত্বর, ০৩। দেওয়ান আলী সওঃ বাড়ী মাঠ, মধ্যম গোসাইলডাঙ্গা, ০৪। বন্দর হাইস্কুল ও কলেজ মাঠ, পোর্টকানেক্টিং রোড, ০৫। পশ্চিম নিমতলা মুকুবালিয়া স্কুল।
৩৭নং হালিশহর মুনিরনগর ওয়ার্ড
০১। আনন্দবাজার সরকারি প্রাথমিক বিদ্যালয় মাঠ, হালিশহর আনন্দবাজার আকবর থানাদার রোড, ০২। মুন্সিপাড়া সরকারি প্রাঃ বিদ্যালয় মাঠ, মুন্সিপাড়া আব্দুল লতিফ সড়ক, ০৩। ফাতেমা বেগম সরকারি প্রাঃ বিদ্যালয় মাঠ, জামালখান পাড়া আব্দুল লতিফ সড়ক, ০৪। ইষ্ট কলোনী মোহাম্মদীয়া মাদ্রাসা মাঠ, ০৫। পোর্ট কলোনী মাঠ সংলগ্ন।
৩৮নং দক্ষিণ মধ্যম হালিশহর ওয়ার্ড
০১। সিসিসি আহমদ মিয়া বালিকা উচ্চবিদ্যালয় মাঠ, ০২। বায়তুল আমান জামে মসজিদ সংলগ্ন ময়দান, খালেক সওদাগর মাঠ, ০৩। বেগমজান উচ্চ বিদ্যালয় সংলগ্ন মাঠ, স্যান্ড রোড বাইলেন, ০৪। নিশ্চিন্তা পাড়া স্কুল (প্রাঃ বিদ্যালয়), ০৫। কলসী দিঘী রোডের পশ্চিমে ঈদগা মাঠ।
৩৯নং দক্ষিণ হালিশহর ওয়ার্ড
০১। লেবার কলোনী মাঠ, ০২। দক্ষিণ হালিশহর প্রাথমিক বিদ্যালয়, ০৩। দক্ষিণ হালিশহর উচ্চ বিদ্যালয়, ০৪। আহমদিয়া স্কুল মাঠ, ০৫। ব্যারিষ্টার কলেজ মাঠ, ০৬। ইসমাইল সুকানী সরকারী প্রাথমিক বিদ্যালয়, ০৭। কাঠাখালী সরকারী প্রাথমিক বিদ্যালয়, ০৮। ফকির মোহাম্মদ সওদাগরের মাঠ, ০৯। টিসিবি ভবন, ১০। হাসপাতাল গেইট হতে সিমেন্ট ক্রসিং।
৪০নং উত্তর পতেঙ্গা ওয়ার্ড
০১। পতেঙ্গা উচ্চ বিদ্যালয়, ০২। হাউজিং কলোনীর মাঠ, ০৩। রিফাইনারীর সামনে, ০৪। পশ্চিম মুসলিমাবাদ বেড়ী বাঁধ।
৪১নং দক্ষিণ পতেঙ্গা ওয়ার্ড
০১। ১৪নং লালদিয়ার চর, চর বস্তি ও বিজয় নগর, ০২। ভি.আই.পি. রোড (নুরীয়া পাড়া), দক্ষিণ পাড়া-পূর্ব, মধ্যম পাড়া, দক্ষিণ পাড়া-পশ্চিম, ০৩। ডিনাইন রোড, ফুলছড়ি পাড়া, ডিনাইন রোড এলাকা ও নাজির পাড়া, ০৪। ছড়িহালদা, চরপাড়া, জেলেপাড়া, ০৫। মাইজপাড়া (চৌধুরীপাড়া মাইজপাড়া, মাইজপাড়া-পশ্চিম)। মোট নির্ধারিত স্থান: ৩০৪টি।
চসিক/জস-৯৭/২৪-২৫(১৫ x ৮)
নং- ২০২৫০৬০৫০০২ সি
ডাঃ শাহাদাত হোসেন
মেয়র
চট্টগ্রাম সিটি কর্পোরেশন।
